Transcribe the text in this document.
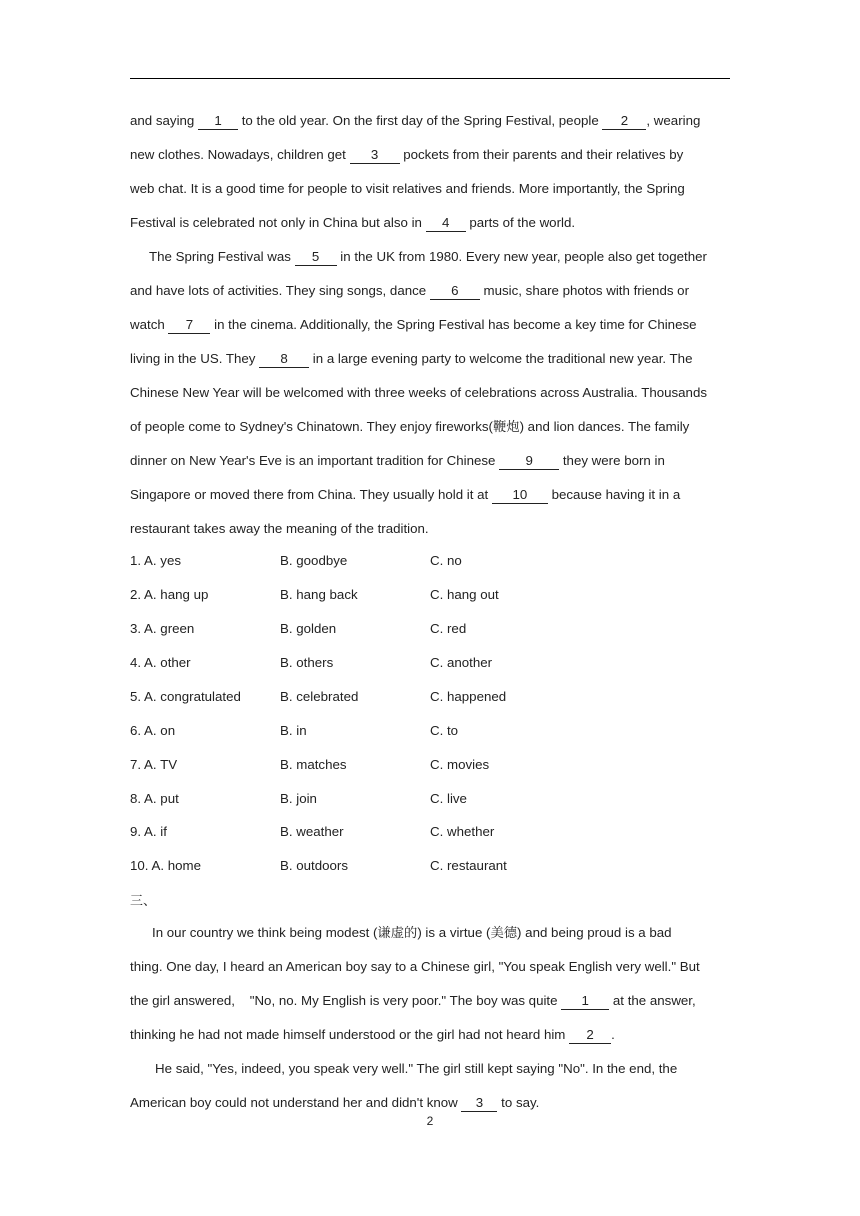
and saying 1 to the old year. On the first day of the Spring Festival, people 2 , wearing
new clothes. Nowadays, children get 3 pockets from their parents and their relatives by
web chat. It is a good time for people to visit relatives and friends. More importantly, the Spring
Festival is celebrated not only in China but also in 4 parts of the world.
The Spring Festival was 5 in the UK from 1980. Every new year, people also get together
and have lots of activities. They sing songs, dance 6 music, share photos with friends or
watch 7 in the cinema. Additionally, the Spring Festival has become a key time for Chinese
living in the US. They 8 in a large evening party to welcome the traditional new year. The
Chinese New Year will be welcomed with three weeks of celebrations across Australia. Thousands
of people come to Sydney's Chinatown. They enjoy fireworks(鞭炮) and lion dances. The family
dinner on New Year's Eve is an important tradition for Chinese 9 they were born in
Singapore or moved there from China. They usually hold it at 10 because having it in a
restaurant takes away the meaning of the tradition.
1. A. yes	B. goodbye	C. no
2. A. hang up	B. hang back	C. hang out
3. A. green	B. golden	C. red
4. A. other	B. others	C. another
5. A. congratulated	B. celebrated	C. happened
6. A. on	B. in	C. to
7. A. TV	B. matches	C. movies
8. A. put	B. join	C. live
9. A. if	B. weather	C. whether
10. A. home	B. outdoors	C. restaurant
三、
In our country we think being modest (谦虚的) is a virtue (美德) and being proud is a bad
thing. One day, I heard an American boy say to a Chinese girl, "You speak English very well." But
the girl answered,    "No, no. My English is very poor." The boy was quite 1 at the answer,
thinking he had not made himself understood or the girl had not heard him 2 .
He said, "Yes, indeed, you speak very well." The girl still kept saying "No". In the end, the
American boy could not understand her and didn't know 3 to say.
2
